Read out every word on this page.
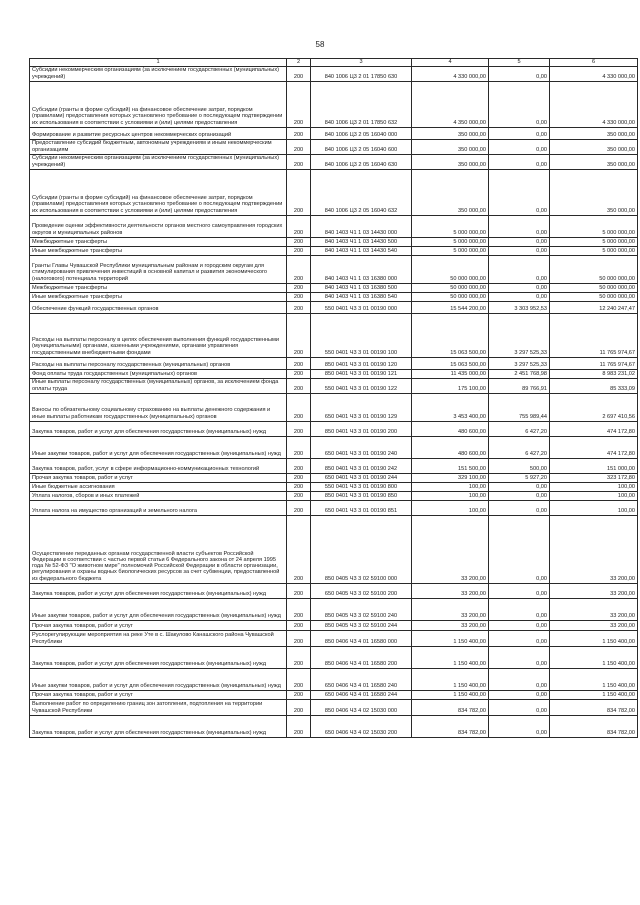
58
1	2	3	4	5	6
Субсидии некоммерческим организациям (за исключением государственных (муниципальных) учреждений)	200	840 1006 Ц3 2 01 17850 630	4 330 000,00	0,00	4 330 000,00
Субсидии (гранты в форме субсидий) на финансовое обеспечение затрат, порядком (правилами) предоставления которых установлено требование о последующем подтверждении их использования в соответствии с условиями и (или) целями предоставления	200	840 1006 Ц3 2 01 17850 632	4 350 000,00	0,00	4 330 000,00
Формирование и развитие ресурсных центров некоммерческих организаций	200	840 1006 Ц3 2 05 16040 000	350 000,00	0,00	350 000,00
Предоставление субсидий бюджетным, автономным учреждениям и иным некоммерческим организациям	200	840 1006 Ц3 2 05 16040 600	350 000,00	0,00	350 000,00
Субсидии некоммерческим организациям (за исключением государственных (муниципальных) учреждений)	200	840 1006 Ц3 2 05 16040 630	350 000,00	0,00	350 000,00
Субсидии (гранты в форме субсидий) на финансовое обеспечение затрат, порядком (правилами) предоставления которых установлено требование о последующем подтверждении их использования в соответствии с условиями и (или) целями предоставления	200	840 1006 Ц3 2 05 16040 632	350 000,00	0,00	350 000,00
Проведение оценки эффективности деятельности органов местного самоуправления городских округов и муниципальных районов	200	840 1403 Ч1 1 03 14430 000	5 000 000,00	0,00	5 000 000,00
Межбюджетные трансферты	200	840 1403 Ч1 1 03 14430 500	5 000 000,00	0,00	5 000 000,00
Иные межбюджетные трансферты	200	840 1403 Ч1 1 03 14430 540	5 000 000,00	0,00	5 000 000,00
Гранты Главы Чувашской Республики муниципальным районам и городским округам для стимулирования привлечения инвестиций в основной капитал и развития экономического (налогового) потенциала территорий	200	840 1403 Ч1 1 03 16380 000	50 000 000,00	0,00	50 000 000,00
Межбюджетные трансферты	200	840 1403 Ч1 1 03 16380 500	50 000 000,00	0,00	50 000 000,00
Иные межбюджетные трансферты	200	840 1403 Ч1 1 03 16380 540	50 000 000,00	0,00	50 000 000,00
Обеспечение функций государственных органов	200	550 0401 Ч3 3 01 00190 000	15 544 200,00	3 303 952,53	12 240 247,47
Расходы на выплаты персоналу в целях обеспечения выполнения функций государственными (муниципальными) органами, казенными учреждениями, органами управления государственными внебюджетными фондами	200	550 0401 Ч3 3 01 00190 100	15 063 500,00	3 297 525,33	11 765 974,67
Расходы на выплаты персоналу государственных (муниципальных) органов	200	850 0401 Ч3 3 01 00190 120	15 063 500,00	3 297 525,33	11 765 974,67
Фонд оплаты труда государственных (муниципальных) органов	200	850 0401 Ч3 3 01 00190 121	11 435 000,00	2 451 768,98	8 983 231,02
Иные выплаты персоналу государственных (муниципальных) органов, за исключением фонда оплаты труда	200	550 0401 Ч3 3 01 00190 122	175 100,00	89 766,91	85 333,09
Взносы по обязательному социальному страхованию на выплаты денежного содержания и иные выплаты работникам государственных (муниципальных) органов	200	650 0401 Ч3 3 01 00190 129	3 453 400,00	755 989,44	2 697 410,56
Закупка товаров, работ и услуг для обеспечения государственных (муниципальных) нужд	200	850 0401 Ч3 3 01 00190 200	480 600,00	6 427,20	474 172,80
Иные закупки товаров, работ и услуг для обеспечения государственных (муниципальных) нужд	200	650 0401 Ч3 3 01 00190 240	480 600,00	6 427,20	474 172,80
Закупка товаров, работ, услуг в сфере информационно-коммуникационных технологий	200	850 0401 Ч3 3 01 00190 242	151 500,00	500,00	151 000,00
Прочая закупка товаров, работ и услуг	200	650 0401 Ч3 3 01 00190 244	329 100,00	5 927,20	323 172,80
Иные бюджетные ассигнования	200	550 0401 Ч3 3 01 00190 800	100,00	0,00	100,00
Уплата налогов, сборов и иных платежей	200	850 0401 Ч3 3 01 00190 850	100,00	0,00	100,00
Уплата налога на имущество организаций и земельного налога	200	650 0401 Ч3 3 01 00190 851	100,00	0,00	100,00
Осуществление переданных органам государственной власти субъектов Российской Федерации в соответствии с частью первой статьи 6 Федерального закона от 24 апреля 1995 года № 52-ФЗ "О животном мире" полномочий Российской Федерации в области организации, регулирования и охраны водных биологических ресурсов за счет субвенции, предоставленной из федерального бюджета	200	850 0405 Ч3 3 02 59100 000	33 200,00	0,00	33 200,00
Закупка товаров, работ и услуг для обеспечения государственных (муниципальных) нужд	200	650 0405 Ч3 3 02 59100 200	33 200,00	0,00	33 200,00
Иные закупки товаров, работ и услуг для обеспечения государственных (муниципальных) нужд	200	850 0405 Ч3 3 02 59100 240	33 200,00	0,00	33 200,00
Прочая закупка товаров, работ и услуг	200	850 0405 Ч3 3 02 59100 244	33 200,00	0,00	33 200,00
Руслорегулирующие мероприятия на реке Уте в с. Шакулово Канашского района Чувашской Республики	200	850 0406 Ч3 4 01 16580 000	1 150 400,00	0,00	1 150 400,00
Закупка товаров, работ и услуг для обеспечения государственных (муниципальных) нужд	200	850 0406 Ч3 4 01 16580 200	1 150 400,00	0,00	1 150 400,00
Иные закупки товаров, работ и услуг для обеспечения государственных (муниципальных) нужд	200	650 0406 Ч3 4 01 16580 240	1 150 400,00	0,00	1 150 400,00
Прочая закупка товаров, работ и услуг	200	650 0406 Ч3 4 01 16580 244	1 150 400,00	0,00	1 150 400,00
Выполнение работ по определению границ зон затопления, подтопления на территории Чувашской Республики	200	850 0406 Ч3 4 02 15030 000	834 782,00	0,00	834 782,00
Закупка товаров, работ и услуг для обеспечения государственных (муниципальных) нужд	200	650 0406 Ч3 4 02 15030 200	834 782,00	0,00	834 782,00
